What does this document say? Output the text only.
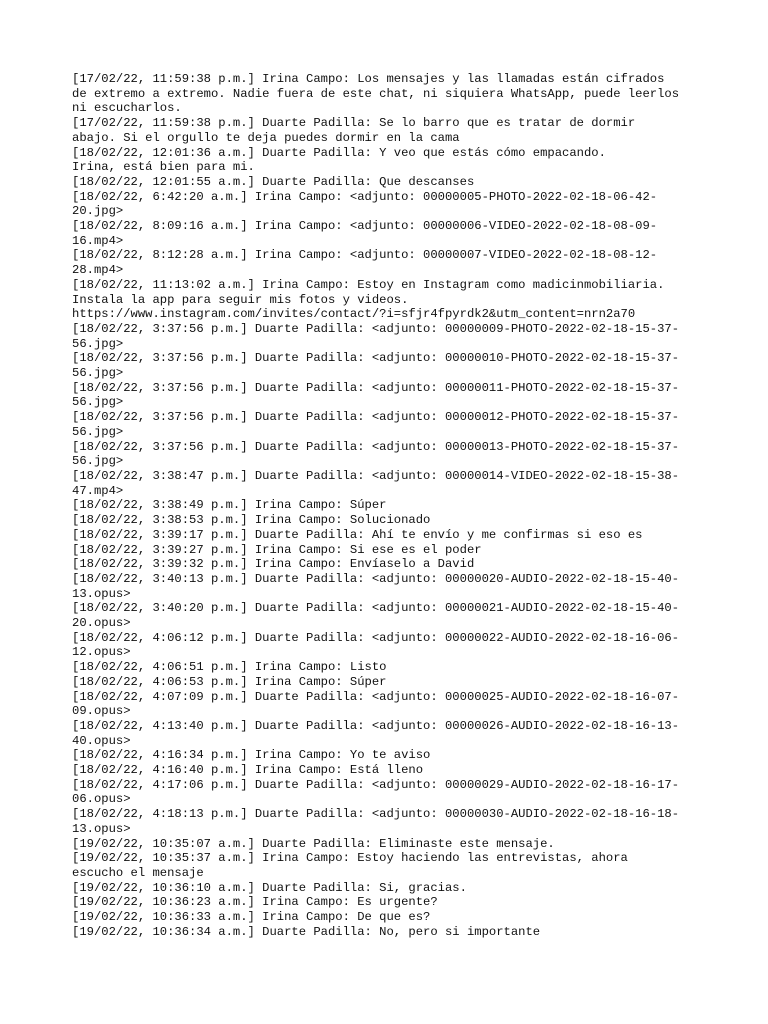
[17/02/22, 11:59:38 p.m.] Irina Campo: Los mensajes y las llamadas están cifrados
de extremo a extremo. Nadie fuera de este chat, ni siquiera WhatsApp, puede leerlos
ni escucharlos.
[17/02/22, 11:59:38 p.m.] Duarte Padilla: Se lo barro que es tratar de dormir
abajo. Si el orgullo te deja puedes dormir en la cama
[18/02/22, 12:01:36 a.m.] Duarte Padilla: Y veo que estás cómo empacando.
Irina, está bien para mi.
[18/02/22, 12:01:55 a.m.] Duarte Padilla: Que descanses
[18/02/22, 6:42:20 a.m.] Irina Campo: <adjunto: 00000005-PHOTO-2022-02-18-06-42-
20.jpg>
[18/02/22, 8:09:16 a.m.] Irina Campo: <adjunto: 00000006-VIDEO-2022-02-18-08-09-
16.mp4>
[18/02/22, 8:12:28 a.m.] Irina Campo: <adjunto: 00000007-VIDEO-2022-02-18-08-12-
28.mp4>
[18/02/22, 11:13:02 a.m.] Irina Campo: Estoy en Instagram como madicinmobiliaria.
Instala la app para seguir mis fotos y videos.
https://www.instagram.com/invites/contact/?i=sfjr4fpyrdk2&utm_content=nrn2a70
[18/02/22, 3:37:56 p.m.] Duarte Padilla: <adjunto: 00000009-PHOTO-2022-02-18-15-37-
56.jpg>
[18/02/22, 3:37:56 p.m.] Duarte Padilla: <adjunto: 00000010-PHOTO-2022-02-18-15-37-
56.jpg>
[18/02/22, 3:37:56 p.m.] Duarte Padilla: <adjunto: 00000011-PHOTO-2022-02-18-15-37-
56.jpg>
[18/02/22, 3:37:56 p.m.] Duarte Padilla: <adjunto: 00000012-PHOTO-2022-02-18-15-37-
56.jpg>
[18/02/22, 3:37:56 p.m.] Duarte Padilla: <adjunto: 00000013-PHOTO-2022-02-18-15-37-
56.jpg>
[18/02/22, 3:38:47 p.m.] Duarte Padilla: <adjunto: 00000014-VIDEO-2022-02-18-15-38-
47.mp4>
[18/02/22, 3:38:49 p.m.] Irina Campo: Súper
[18/02/22, 3:38:53 p.m.] Irina Campo: Solucionado
[18/02/22, 3:39:17 p.m.] Duarte Padilla: Ahí te envío y me confirmas si eso es
[18/02/22, 3:39:27 p.m.] Irina Campo: Si ese es el poder
[18/02/22, 3:39:32 p.m.] Irina Campo: Envíaselo a David
[18/02/22, 3:40:13 p.m.] Duarte Padilla: <adjunto: 00000020-AUDIO-2022-02-18-15-40-
13.opus>
[18/02/22, 3:40:20 p.m.] Duarte Padilla: <adjunto: 00000021-AUDIO-2022-02-18-15-40-
20.opus>
[18/02/22, 4:06:12 p.m.] Duarte Padilla: <adjunto: 00000022-AUDIO-2022-02-18-16-06-
12.opus>
[18/02/22, 4:06:51 p.m.] Irina Campo: Listo
[18/02/22, 4:06:53 p.m.] Irina Campo: Súper
[18/02/22, 4:07:09 p.m.] Duarte Padilla: <adjunto: 00000025-AUDIO-2022-02-18-16-07-
09.opus>
[18/02/22, 4:13:40 p.m.] Duarte Padilla: <adjunto: 00000026-AUDIO-2022-02-18-16-13-
40.opus>
[18/02/22, 4:16:34 p.m.] Irina Campo: Yo te aviso
[18/02/22, 4:16:40 p.m.] Irina Campo: Está lleno
[18/02/22, 4:17:06 p.m.] Duarte Padilla: <adjunto: 00000029-AUDIO-2022-02-18-16-17-
06.opus>
[18/02/22, 4:18:13 p.m.] Duarte Padilla: <adjunto: 00000030-AUDIO-2022-02-18-16-18-
13.opus>
[19/02/22, 10:35:07 a.m.] Duarte Padilla: Eliminaste este mensaje.
[19/02/22, 10:35:37 a.m.] Irina Campo: Estoy haciendo las entrevistas, ahora
escucho el mensaje
[19/02/22, 10:36:10 a.m.] Duarte Padilla: Si, gracias.
[19/02/22, 10:36:23 a.m.] Irina Campo: Es urgente?
[19/02/22, 10:36:33 a.m.] Irina Campo: De que es?
[19/02/22, 10:36:34 a.m.] Duarte Padilla: No, pero si importante
